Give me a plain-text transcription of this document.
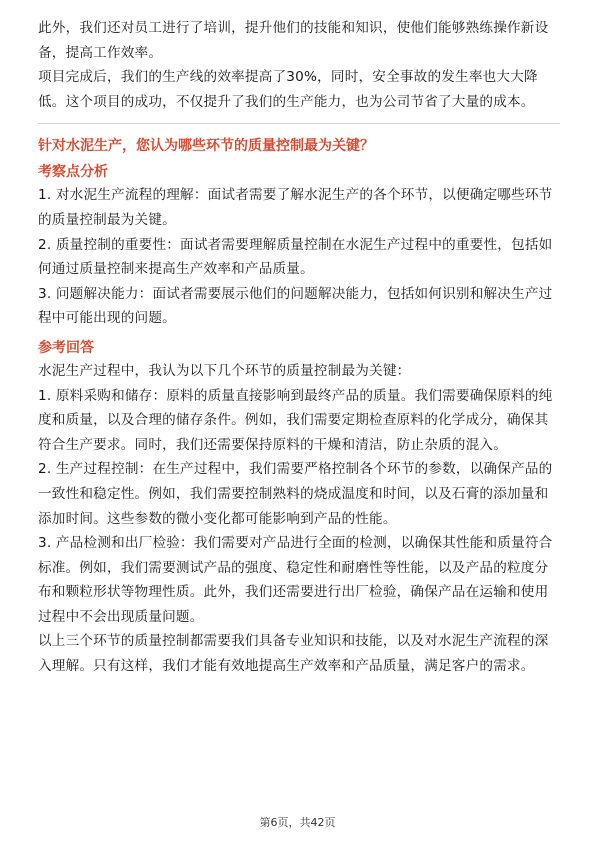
此外，我们还对员工进行了培训，提升他们的技能和知识，使他们能够熟练操作新设备，提高工作效率。

项目完成后，我们的生产线的效率提高了30%，同时，安全事故的发生率也大大降低。这个项目的成功，不仅提升了我们的生产能力，也为公司节省了大量的成本。

针对水泥生产，您认为哪些环节的质量控制最为关键？
考察点分析

1. 对水泥生产流程的理解：面试者需要了解水泥生产的各个环节，以便确定哪些环节的质量控制最为关键。

2. 质量控制的重要性：面试者需要理解质量控制在水泥生产过程中的重要性，包括如何通过质量控制来提高生产效率和产品质量。

3. 问题解决能力：面试者需要展示他们的问题解决能力，包括如何识别和解决生产过程中可能出现的问题。

参考回答

水泥生产过程中，我认为以下几个环节的质量控制最为关键：

1. 原料采购和储存：原料的质量直接影响到最终产品的质量。我们需要确保原料的纯度和质量，以及合理的储存条件。例如，我们需要定期检查原料的化学成分，确保其符合生产要求。同时，我们还需要保持原料的干燥和清洁，防止杂质的混入。

2. 生产过程控制：在生产过程中，我们需要严格控制各个环节的参数，以确保产品的一致性和稳定性。例如，我们需要控制熟料的烧成温度和时间，以及石膏的添加量和添加时间。这些参数的微小变化都可能影响到产品的性能。

3. 产品检测和出厂检验：我们需要对产品进行全面的检测，以确保其性能和质量符合标准。例如，我们需要测试产品的强度、稳定性和耐磨性等性能，以及产品的粒度分布和颗粒形状等物理性质。此外，我们还需要进行出厂检验，确保产品在运输和使用过程中不会出现质量问题。

以上三个环节的质量控制都需要我们具备专业知识和技能，以及对水泥生产流程的深入理解。只有这样，我们才能有效地提高生产效率和产品质量，满足客户的需求。

第6页，共42页
